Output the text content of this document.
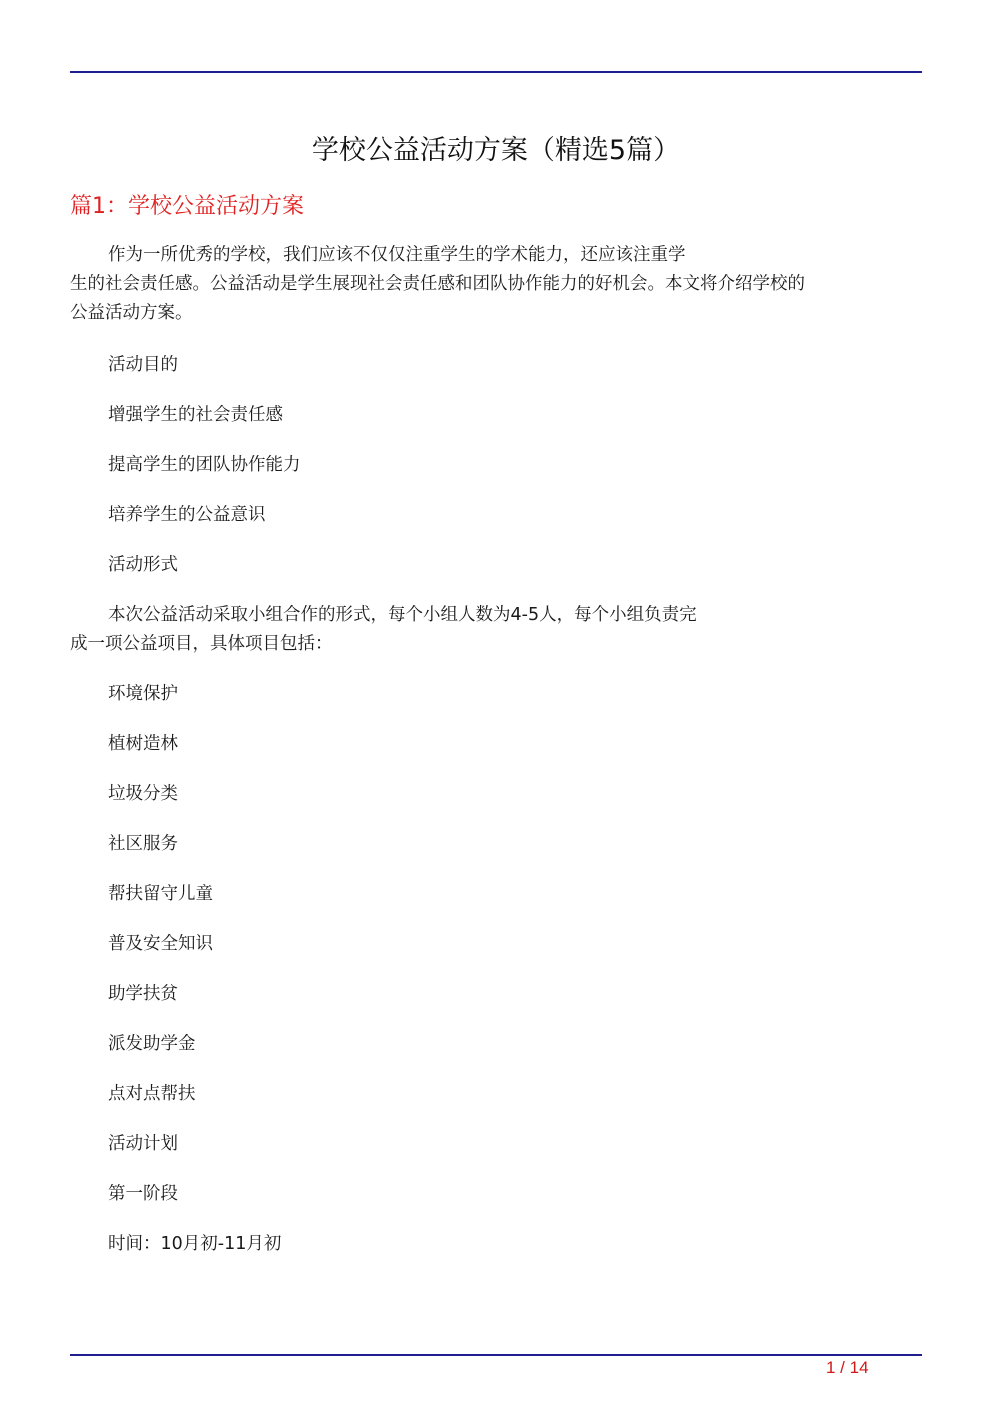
学校公益活动方案（精选5篇）
篇1：学校公益活动方案

作为一所优秀的学校，我们应该不仅仅注重学生的学术能力，还应该注重学
生的社会责任感。公益活动是学生展现社会责任感和团队协作能力的好机会。本文将介绍学校的
公益活动方案。

活动目的

增强学生的社会责任感

提高学生的团队协作能力

培养学生的公益意识

活动形式

本次公益活动采取小组合作的形式，每个小组人数为4-5人，每个小组负责完
成一项公益项目，具体项目包括：

环境保护

植树造林

垃圾分类

社区服务

帮扶留守儿童

普及安全知识

助学扶贫

派发助学金

点对点帮扶

活动计划

第一阶段

时间：10月初-11月初

1 / 14
